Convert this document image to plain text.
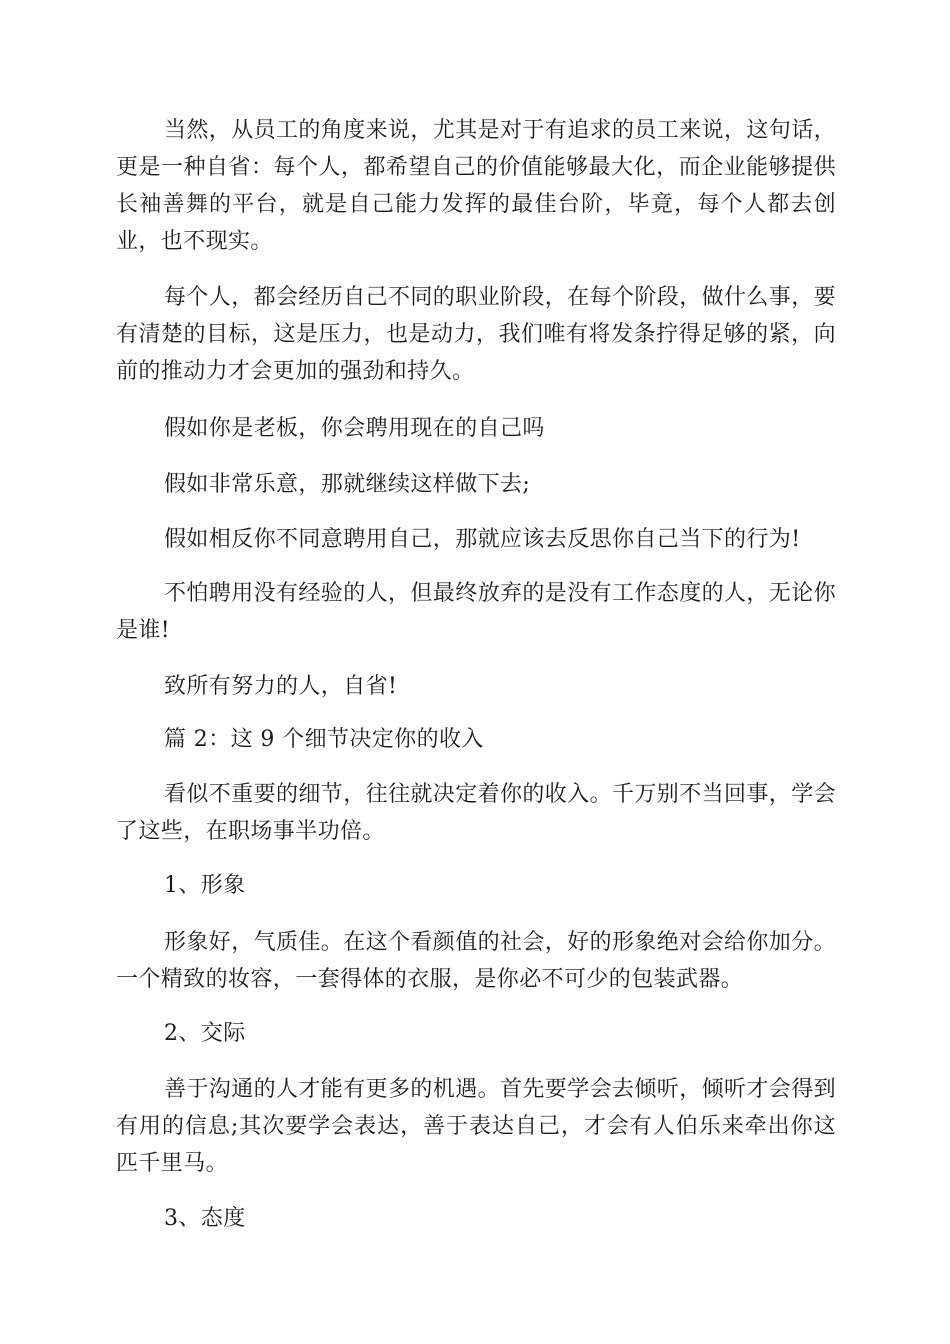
当然，从员工的角度来说，尤其是对于有追求的员工来说，这句话，更是一种自省：每个人，都希望自己的价值能够最大化，而企业能够提供长袖善舞的平台，就是自己能力发挥的最佳台阶，毕竟，每个人都去创业，也不现实。

每个人，都会经历自己不同的职业阶段，在每个阶段，做什么事，要有清楚的目标，这是压力，也是动力，我们唯有将发条拧得足够的紧，向前的推动力才会更加的强劲和持久。

假如你是老板，你会聘用现在的自己吗

假如非常乐意，那就继续这样做下去;

假如相反你不同意聘用自己，那就应该去反思你自己当下的行为!

不怕聘用没有经验的人，但最终放弃的是没有工作态度的人，无论你是谁!

致所有努力的人，自省!

篇 2：这 9 个细节决定你的收入

看似不重要的细节，往往就决定着你的收入。千万别不当回事，学会了这些，在职场事半功倍。

1、形象

形象好，气质佳。在这个看颜值的社会，好的形象绝对会给你加分。一个精致的妆容，一套得体的衣服，是你必不可少的包装武器。

2、交际

善于沟通的人才能有更多的机遇。首先要学会去倾听，倾听才会得到有用的信息;其次要学会表达，善于表达自己，才会有人伯乐来牵出你这匹千里马。

3、态度
